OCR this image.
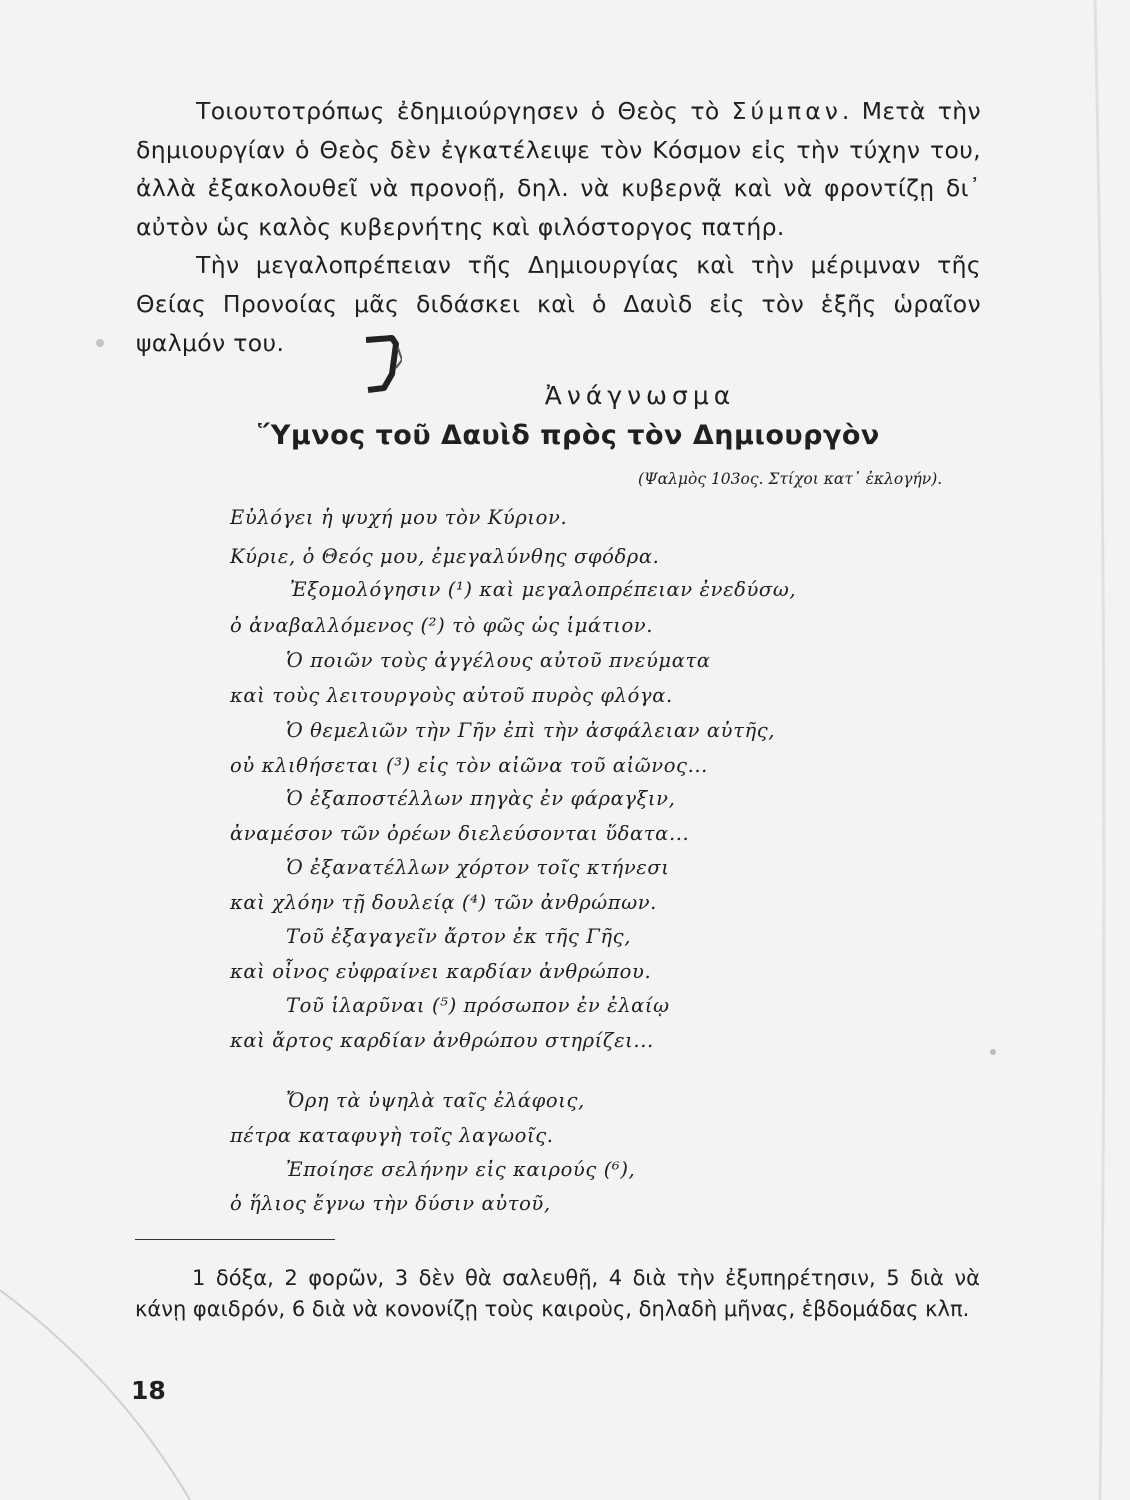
Τοιουτοτρόπως ἐδημιούργησεν ὁ Θεὸς τὸ Σύμπαν. Μετὰ τὴν δημιουργίαν ὁ Θεὸς δὲν ἐγκατέλειψε τὸν Κόσμον εἰς τὴν τύχην του, ἀλλὰ ἐξακολουθεῖ νὰ προνοῇ, δηλ. νὰ κυβερνᾷ καὶ νὰ φροντίζῃ δι᾿ αὐτὸν ὡς καλὸς κυβερνήτης καὶ φιλόστοργος πατήρ.

Τὴν μεγαλοπρέπειαν τῆς Δημιουργίας καὶ τὴν μέριμναν τῆς Θείας Προνοίας μᾶς διδάσκει καὶ ὁ Δαυὶδ εἰς τὸν ἑξῆς ὡραῖον ψαλμόν του.

Ἀνάγνωσμα
Ὕμνος τοῦ Δαυὶδ πρὸς τὸν Δημιουργὸν
(Ψαλμὸς 103ος. Στίχοι κατ᾿ ἐκλογήν).
Εὐλόγει ἡ ψυχή μου τὸν Κύριον.
Κύριε, ὁ Θεός μου, ἐμεγαλύνθης σφόδρα.
Ἐξομολόγησιν (¹) καὶ μεγαλοπρέπειαν ἐνεδύσω,
ὁ ἀναβαλλόμενος (²) τὸ φῶς ὡς ἱμάτιον.
Ὁ ποιῶν τοὺς ἀγγέλους αὐτοῦ πνεύματα
καὶ τοὺς λειτουργοὺς αὐτοῦ πυρὸς φλόγα.
Ὁ θεμελιῶν τὴν Γῆν ἐπὶ τὴν ἀσφάλειαν αὐτῆς,
οὐ κλιθήσεται (³) εἰς τὸν αἰῶνα τοῦ αἰῶνος...
Ὁ ἐξαποστέλλων πηγὰς ἐν φάραγξιν,
ἀναμέσον τῶν ὀρέων διελεύσονται ὕδατα...
Ὁ ἐξανατέλλων χόρτον τοῖς κτήνεσι
καὶ χλόην τῇ δουλείᾳ (⁴) τῶν ἀνθρώπων.
Τοῦ ἐξαγαγεῖν ἄρτον ἐκ τῆς Γῆς,
καὶ οἶνος εὐφραίνει καρδίαν ἀνθρώπου.
Τοῦ ἱλαρῦναι (⁵) πρόσωπον ἐν ἐλαίῳ
καὶ ἄρτος καρδίαν ἀνθρώπου στηρίζει...
Ὄρη τὰ ὑψηλὰ ταῖς ἐλάφοις,
πέτρα καταφυγὴ τοῖς λαγωοῖς.
Ἐποίησε σελήνην εἰς καιρούς (⁶),
ὁ ἥλιος ἔγνω τὴν δύσιν αὐτοῦ,

1 δόξα, 2 φορῶν, 3 δὲν θὰ σαλευθῇ, 4 διὰ τὴν ἐξυπηρέτησιν, 5 διὰ νὰ κάνῃ φαιδρόν, 6 διὰ νὰ κονονίζῃ τοὺς καιροὺς, δηλαδὴ μῆνας, ἑβδομάδας κλπ.

18
